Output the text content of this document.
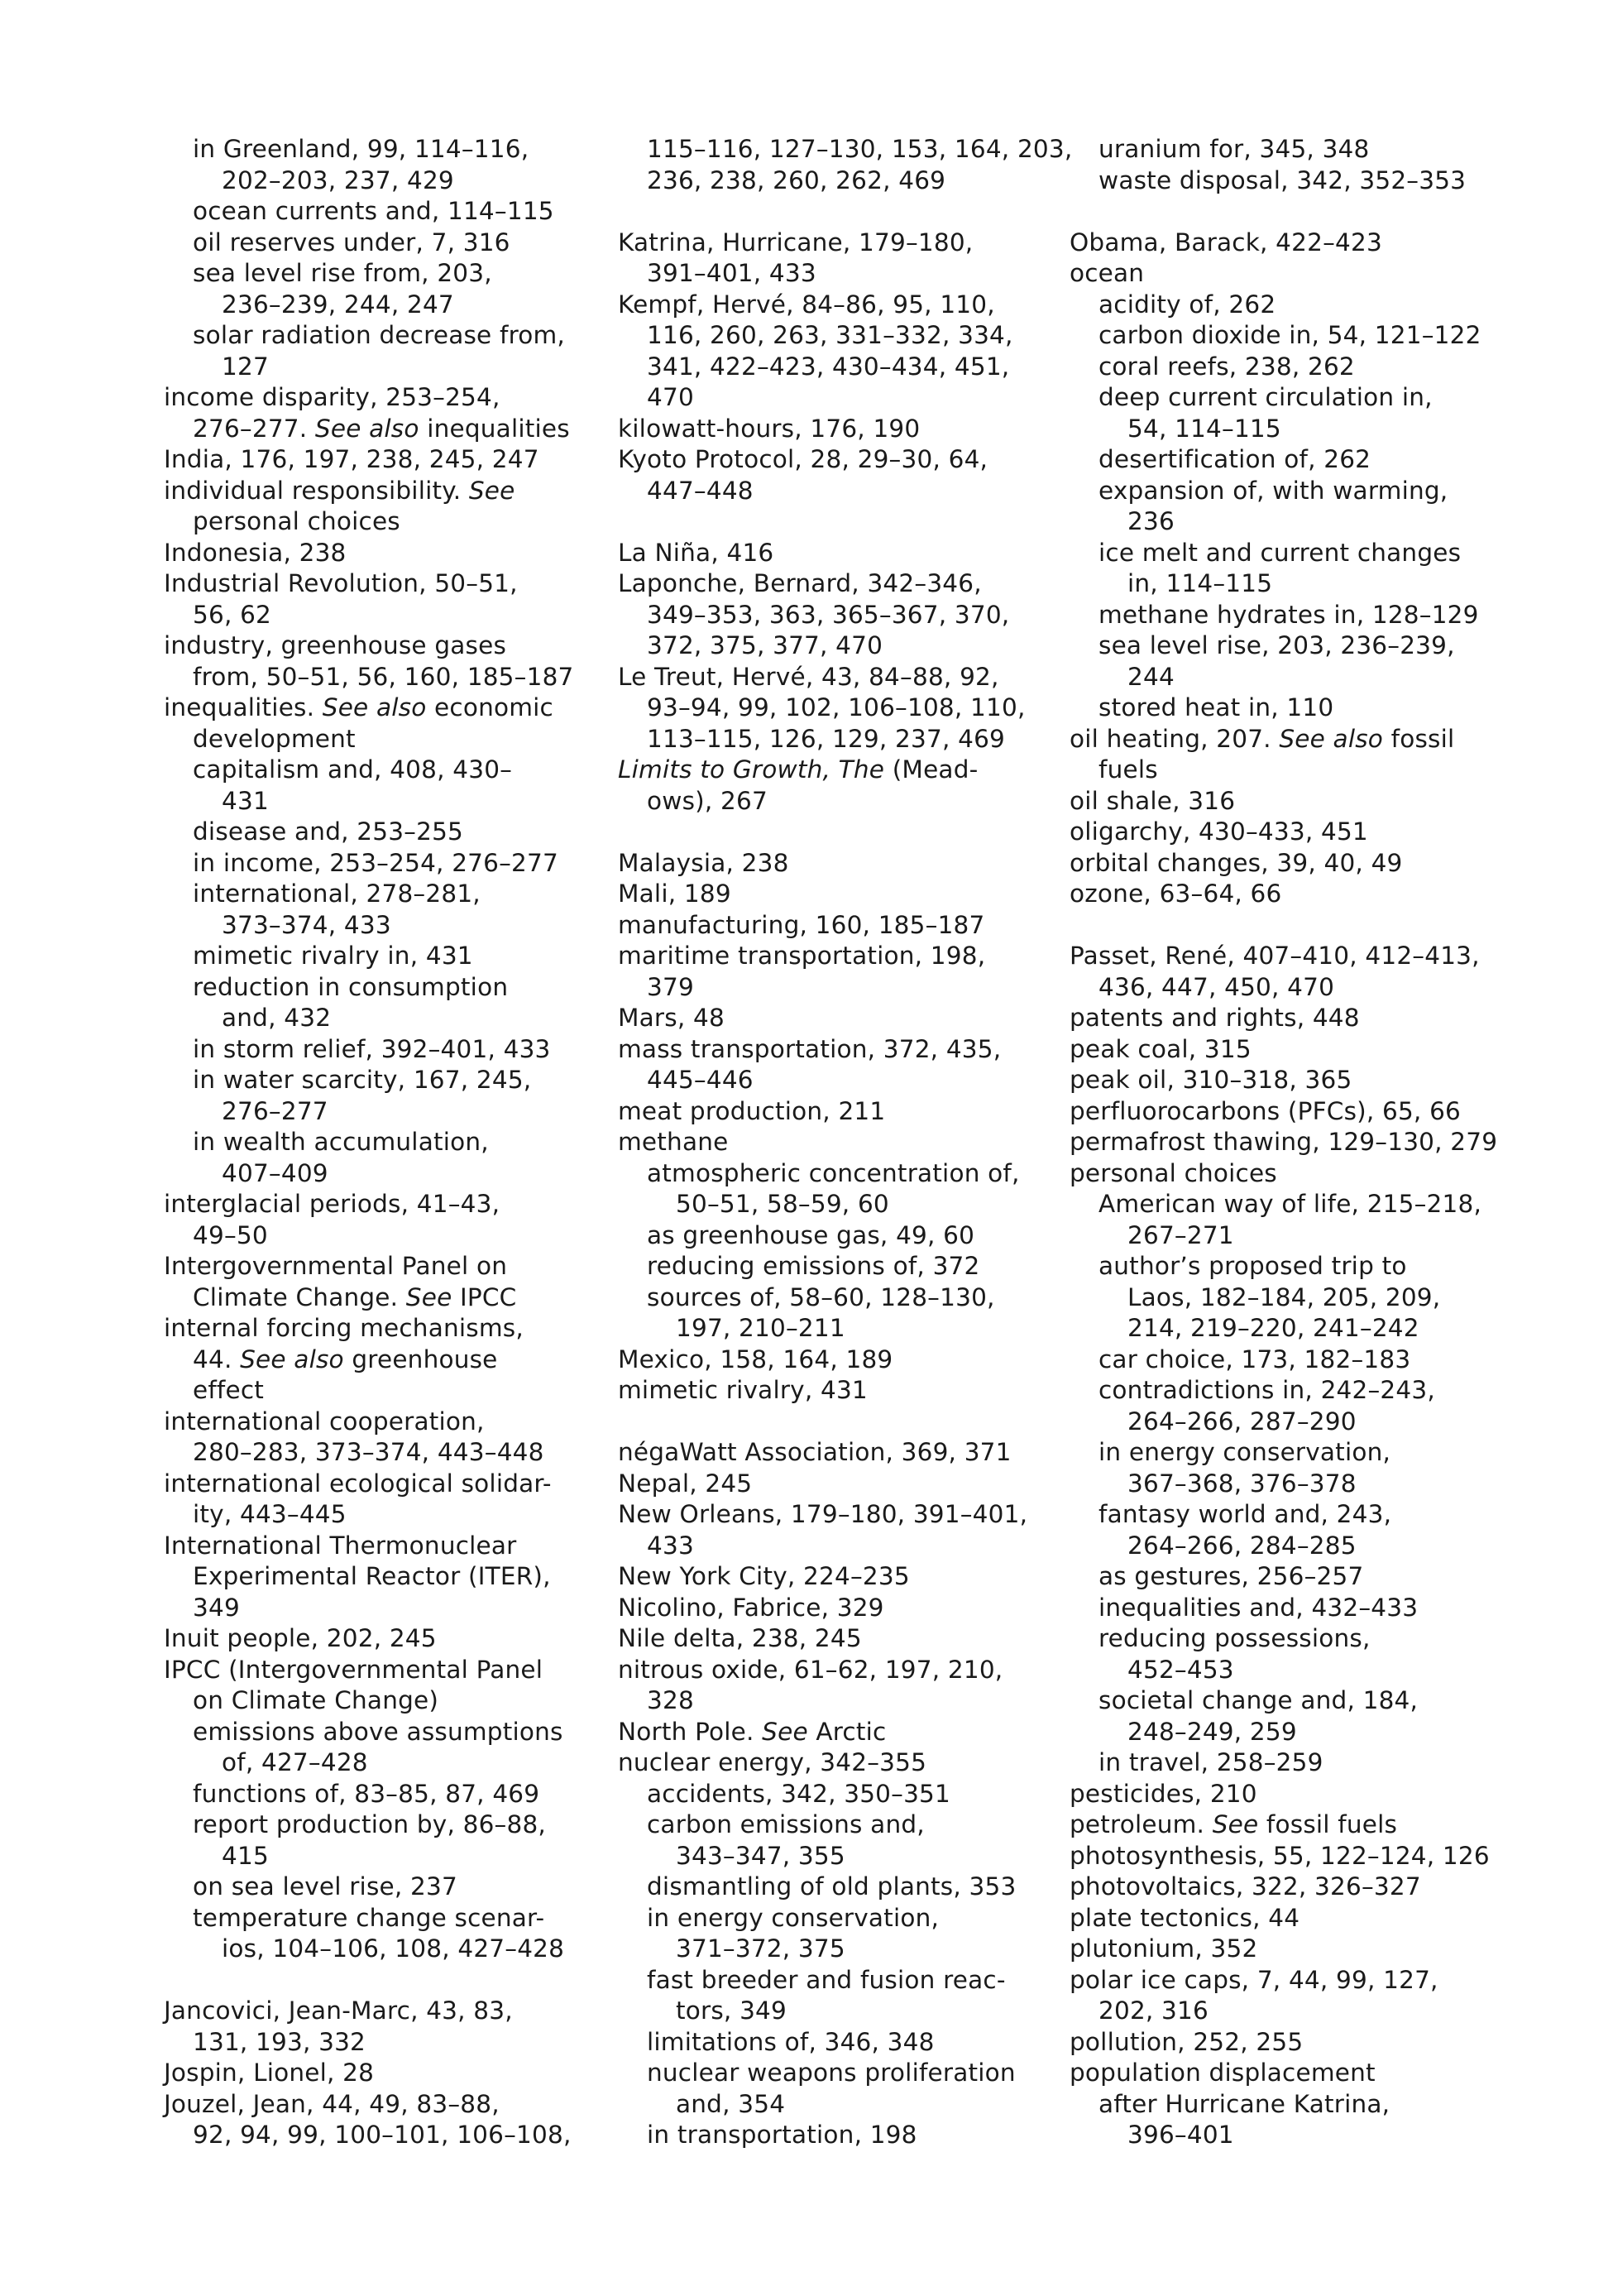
in Greenland, 99, 114–116,
202–203, 237, 429
ocean currents and, 114–115
oil reserves under, 7, 316
sea level rise from, 203,
236–239, 244, 247
solar radiation decrease from,
127
income disparity, 253–254,
276–277. See also inequalities
India, 176, 197, 238, 245, 247
individual responsibility. See
personal choices
Indonesia, 238
Industrial Revolution, 50–51,
56, 62
industry, greenhouse gases
from, 50–51, 56, 160, 185–187
inequalities. See also economic
development
capitalism and, 408, 430–
431
disease and, 253–255
in income, 253–254, 276–277
international, 278–281,
373–374, 433
mimetic rivalry in, 431
reduction in consumption
and, 432
in storm relief, 392–401, 433
in water scarcity, 167, 245,
276–277
in wealth accumulation,
407–409
interglacial periods, 41–43,
49–50
Intergovernmental Panel on
Climate Change. See IPCC
internal forcing mechanisms,
44. See also greenhouse
effect
international cooperation,
280–283, 373–374, 443–448
international ecological solidar-
ity, 443–445
International Thermonuclear
Experimental Reactor (ITER),
349
Inuit people, 202, 245
IPCC (Intergovernmental Panel
on Climate Change)
emissions above assumptions
of, 427–428
functions of, 83–85, 87, 469
report production by, 86–88,
415
on sea level rise, 237
temperature change scenar-
ios, 104–106, 108, 427–428
Jancovici, Jean-Marc, 43, 83,
131, 193, 332
Jospin, Lionel, 28
Jouzel, Jean, 44, 49, 83–88,
92, 94, 99, 100–101, 106–108,
115–116, 127–130, 153, 164, 203,
236, 238, 260, 262, 469
Katrina, Hurricane, 179–180,
391–401, 433
Kempf, Hervé, 84–86, 95, 110,
116, 260, 263, 331–332, 334,
341, 422–423, 430–434, 451,
470
kilowatt-hours, 176, 190
Kyoto Protocol, 28, 29–30, 64,
447–448
La Niña, 416
Laponche, Bernard, 342–346,
349–353, 363, 365–367, 370,
372, 375, 377, 470
Le Treut, Hervé, 43, 84–88, 92,
93–94, 99, 102, 106–108, 110,
113–115, 126, 129, 237, 469
Limits to Growth, The (Mead-
ows), 267
Malaysia, 238
Mali, 189
manufacturing, 160, 185–187
maritime transportation, 198,
379
Mars, 48
mass transportation, 372, 435,
445–446
meat production, 211
methane
atmospheric concentration of,
50–51, 58–59, 60
as greenhouse gas, 49, 60
reducing emissions of, 372
sources of, 58–60, 128–130,
197, 210–211
Mexico, 158, 164, 189
mimetic rivalry, 431
négaWatt Association, 369, 371
Nepal, 245
New Orleans, 179–180, 391–401,
433
New York City, 224–235
Nicolino, Fabrice, 329
Nile delta, 238, 245
nitrous oxide, 61–62, 197, 210,
328
North Pole. See Arctic
nuclear energy, 342–355
accidents, 342, 350–351
carbon emissions and,
343–347, 355
dismantling of old plants, 353
in energy conservation,
371–372, 375
fast breeder and fusion reac-
tors, 349
limitations of, 346, 348
nuclear weapons proliferation
and, 354
in transportation, 198
uranium for, 345, 348
waste disposal, 342, 352–353
Obama, Barack, 422–423
ocean
acidity of, 262
carbon dioxide in, 54, 121–122
coral reefs, 238, 262
deep current circulation in,
54, 114–115
desertification of, 262
expansion of, with warming,
236
ice melt and current changes
in, 114–115
methane hydrates in, 128–129
sea level rise, 203, 236–239,
244
stored heat in, 110
oil heating, 207. See also fossil
fuels
oil shale, 316
oligarchy, 430–433, 451
orbital changes, 39, 40, 49
ozone, 63–64, 66
Passet, René, 407–410, 412–413,
436, 447, 450, 470
patents and rights, 448
peak coal, 315
peak oil, 310–318, 365
perfluorocarbons (PFCs), 65, 66
permafrost thawing, 129–130, 279
personal choices
American way of life, 215–218,
267–271
author’s proposed trip to
Laos, 182–184, 205, 209,
214, 219–220, 241–242
car choice, 173, 182–183
contradictions in, 242–243,
264–266, 287–290
in energy conservation,
367–368, 376–378
fantasy world and, 243,
264–266, 284–285
as gestures, 256–257
inequalities and, 432–433
reducing possessions,
452–453
societal change and, 184,
248–249, 259
in travel, 258–259
pesticides, 210
petroleum. See fossil fuels
photosynthesis, 55, 122–124, 126
photovoltaics, 322, 326–327
plate tectonics, 44
plutonium, 352
polar ice caps, 7, 44, 99, 127,
202, 316
pollution, 252, 255
population displacement
after Hurricane Katrina,
396–401
